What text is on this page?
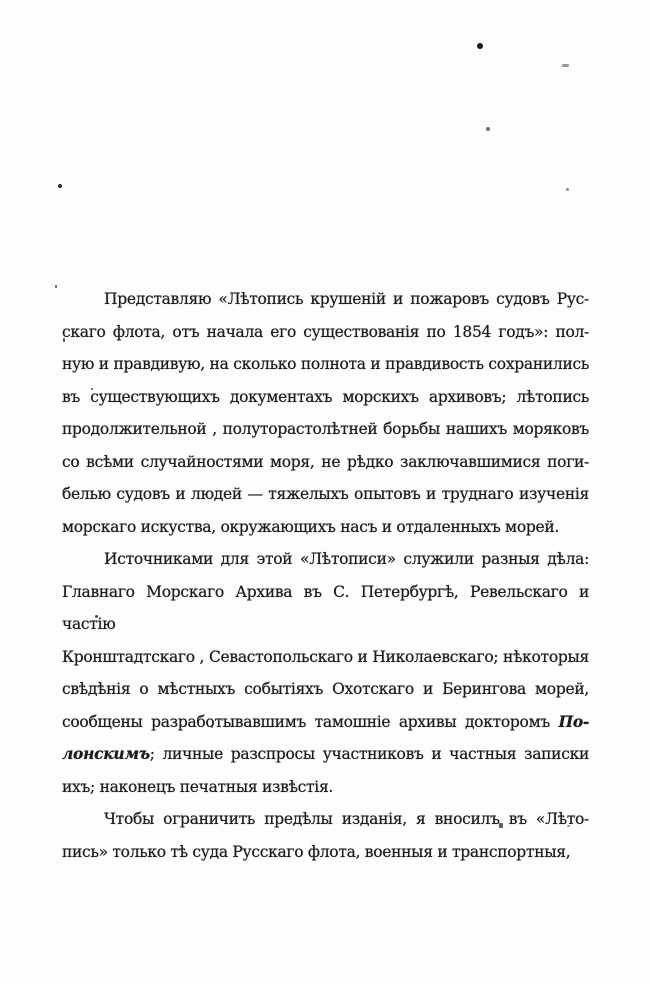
Представляю «Лѣтопись крушеній и пожаровъ судовъ Рус-

скаго флота, отъ начала его существованія по 1854 годъ»: пол-

ную и правдивую, на сколько полнота и правдивость сохранились

въ существующихъ документахъ морскихъ архивовъ; лѣтопись

продолжительной , полуторастолѣтней борьбы нашихъ моряковъ

со всѣми случайностями моря, не рѣдко заключавшимися поги-

белью судовъ и людей — тяжелыхъ опытовъ и труднаго изученія

морскаго искуства, окружающихъ насъ и отдаленныхъ морей.

Источниками для этой «Лѣтописи» служили разныя дѣла:

Главнаго Морскаго Архива въ С. Петербургѣ, Ревельскаго и частію

Кронштадтскаго , Севастопольскаго и Николаевскаго; нѣкоторыя

свѣдѣнія о мѣстныхъ событіяхъ Охотскаго и Берингова морей,

сообщены разработывавшимъ тамошніе архивы докторомъ По-

лонскимъ; личные разспросы участниковъ и частныя записки

ихъ; наконецъ печатныя извѣстія.

Чтобы ограничить предѣлы изданія, я вносилъ въ «Лѣто-

пись» только тѣ суда Русскаго флота, военныя и транспортныя,
